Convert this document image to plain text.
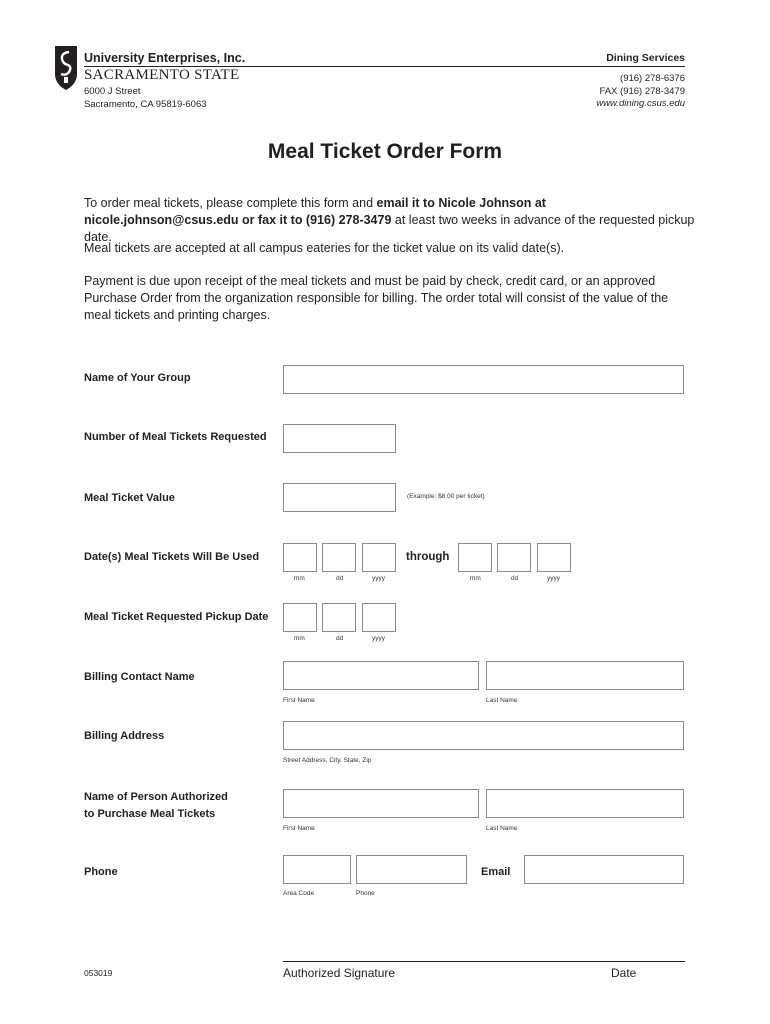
University Enterprises, Inc.
SACRAMENTO STATE
6000 J Street
Sacramento, CA 95819-6063
Dining Services
(916) 278-6376
FAX (916) 278-3479
www.dining.csus.edu
Meal Ticket Order Form
To order meal tickets, please complete this form and email it to Nicole Johnson at nicole.johnson@csus.edu or fax it to (916) 278-3479 at least two weeks in advance of the requested pickup date.
Meal tickets are accepted at all campus eateries for the ticket value on its valid date(s).
Payment is due upon receipt of the meal tickets and must be paid by check, credit card, or an approved Purchase Order from the organization responsible for billing. The order total will consist of the value of the meal tickets and printing charges.
Name of Your Group
Number of Meal Tickets Requested
Meal Ticket Value	(Example: $8.00 per ticket)
Date(s) Meal Tickets Will Be Used
mm	dd	yyyy
through
mm	dd	yyyy
Meal Ticket Requested Pickup Date
mm	dd	yyyy
Billing Contact Name
First Name	Last Name
Billing Address
Street Address, City, State, Zip
Name of Person Authorized
to Purchase Meal Tickets
First Name	Last Name
Phone
Area Code	Phone
Email
053019	Authorized Signature	Date
